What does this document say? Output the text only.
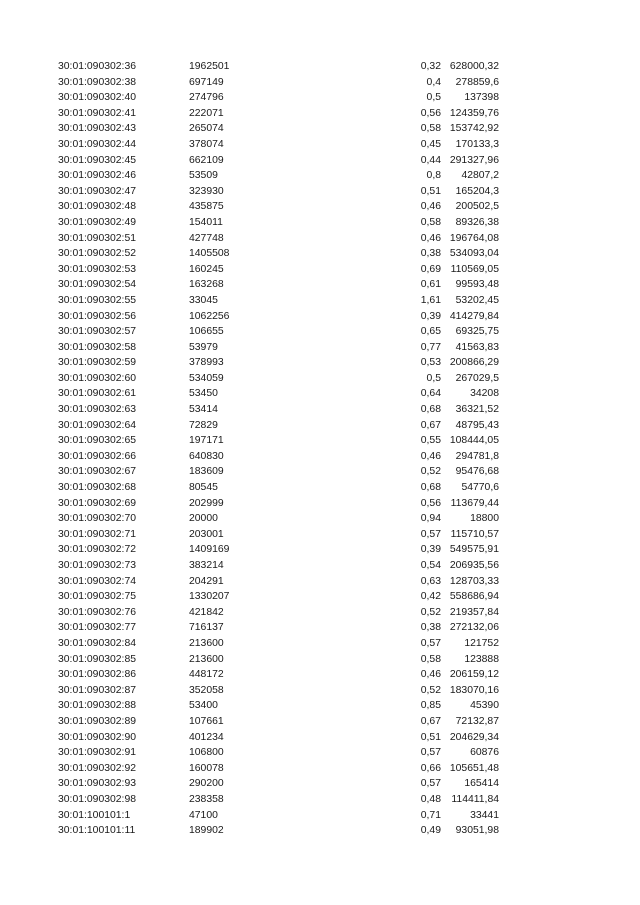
	30:01:090302:36	1962501		0,32	628000,32	
	30:01:090302:38	697149		0,4	278859,6	
	30:01:090302:40	274796		0,5	137398	
	30:01:090302:41	222071		0,56	124359,76	
	30:01:090302:43	265074		0,58	153742,92	
	30:01:090302:44	378074		0,45	170133,3	
	30:01:090302:45	662109		0,44	291327,96	
	30:01:090302:46	53509		0,8	42807,2	
	30:01:090302:47	323930		0,51	165204,3	
	30:01:090302:48	435875		0,46	200502,5	
	30:01:090302:49	154011		0,58	89326,38	
	30:01:090302:51	427748		0,46	196764,08	
	30:01:090302:52	1405508		0,38	534093,04	
	30:01:090302:53	160245		0,69	110569,05	
	30:01:090302:54	163268		0,61	99593,48	
	30:01:090302:55	33045		1,61	53202,45	
	30:01:090302:56	1062256		0,39	414279,84	
	30:01:090302:57	106655		0,65	69325,75	
	30:01:090302:58	53979		0,77	41563,83	
	30:01:090302:59	378993		0,53	200866,29	
	30:01:090302:60	534059		0,5	267029,5	
	30:01:090302:61	53450		0,64	34208	
	30:01:090302:63	53414		0,68	36321,52	
	30:01:090302:64	72829		0,67	48795,43	
	30:01:090302:65	197171		0,55	108444,05	
	30:01:090302:66	640830		0,46	294781,8	
	30:01:090302:67	183609		0,52	95476,68	
	30:01:090302:68	80545		0,68	54770,6	
	30:01:090302:69	202999		0,56	113679,44	
	30:01:090302:70	20000		0,94	18800	
	30:01:090302:71	203001		0,57	115710,57	
	30:01:090302:72	1409169		0,39	549575,91	
	30:01:090302:73	383214		0,54	206935,56	
	30:01:090302:74	204291		0,63	128703,33	
	30:01:090302:75	1330207		0,42	558686,94	
	30:01:090302:76	421842		0,52	219357,84	
	30:01:090302:77	716137		0,38	272132,06	
	30:01:090302:84	213600		0,57	121752	
	30:01:090302:85	213600		0,58	123888	
	30:01:090302:86	448172		0,46	206159,12	
	30:01:090302:87	352058		0,52	183070,16	
	30:01:090302:88	53400		0,85	45390	
	30:01:090302:89	107661		0,67	72132,87	
	30:01:090302:90	401234		0,51	204629,34	
	30:01:090302:91	106800		0,57	60876	
	30:01:090302:92	160078		0,66	105651,48	
	30:01:090302:93	290200		0,57	165414	
	30:01:090302:98	238358		0,48	114411,84	
	30:01:100101:1	47100		0,71	33441	
	30:01:100101:11	189902		0,49	93051,98	
